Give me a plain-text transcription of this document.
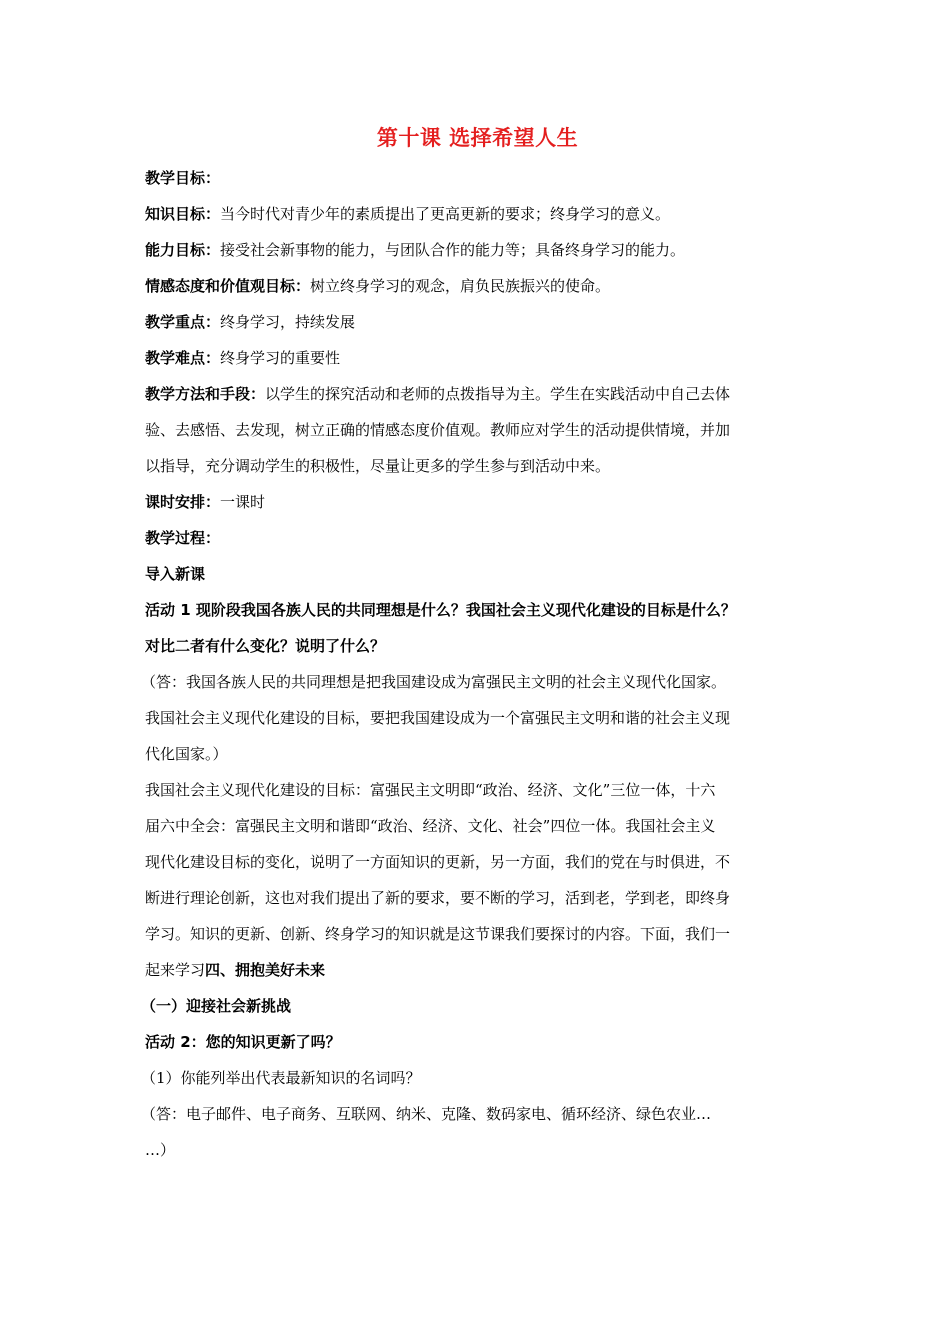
第十课 选择希望人生
教学目标：
知识目标：当今时代对青少年的素质提出了更高更新的要求；终身学习的意义。
能力目标：接受社会新事物的能力，与团队合作的能力等；具备终身学习的能力。
情感态度和价值观目标：树立终身学习的观念，肩负民族振兴的使命。
教学重点：终身学习，持续发展
教学难点：终身学习的重要性
教学方法和手段：以学生的探究活动和老师的点拨指导为主。学生在实践活动中自己去体
验、去感悟、去发现，树立正确的情感态度价值观。教师应对学生的活动提供情境，并加
以指导，充分调动学生的积极性，尽量让更多的学生参与到活动中来。
课时安排：一课时
教学过程：
导入新课
活动 1 现阶段我国各族人民的共同理想是什么？我国社会主义现代化建设的目标是什么？
对比二者有什么变化？说明了什么？
（答：我国各族人民的共同理想是把我国建设成为富强民主文明的社会主义现代化国家。
我国社会主义现代化建设的目标，要把我国建设成为一个富强民主文明和谐的社会主义现
代化国家。）
我国社会主义现代化建设的目标：富强民主文明即“政治、经济、文化”三位一体，十六
届六中全会：富强民主文明和谐即“政治、经济、文化、社会”四位一体。我国社会主义
现代化建设目标的变化，说明了一方面知识的更新，另一方面，我们的党在与时俱进，不
断进行理论创新，这也对我们提出了新的要求，要不断的学习，活到老，学到老，即终身
学习。知识的更新、创新、终身学习的知识就是这节课我们要探讨的内容。下面，我们一
起来学习四、拥抱美好未来
（一）迎接社会新挑战
活动 2：您的知识更新了吗？
（1）你能列举出代表最新知识的名词吗？
（答：电子邮件、电子商务、互联网、纳米、克隆、数码家电、循环经济、绿色农业…
…）
